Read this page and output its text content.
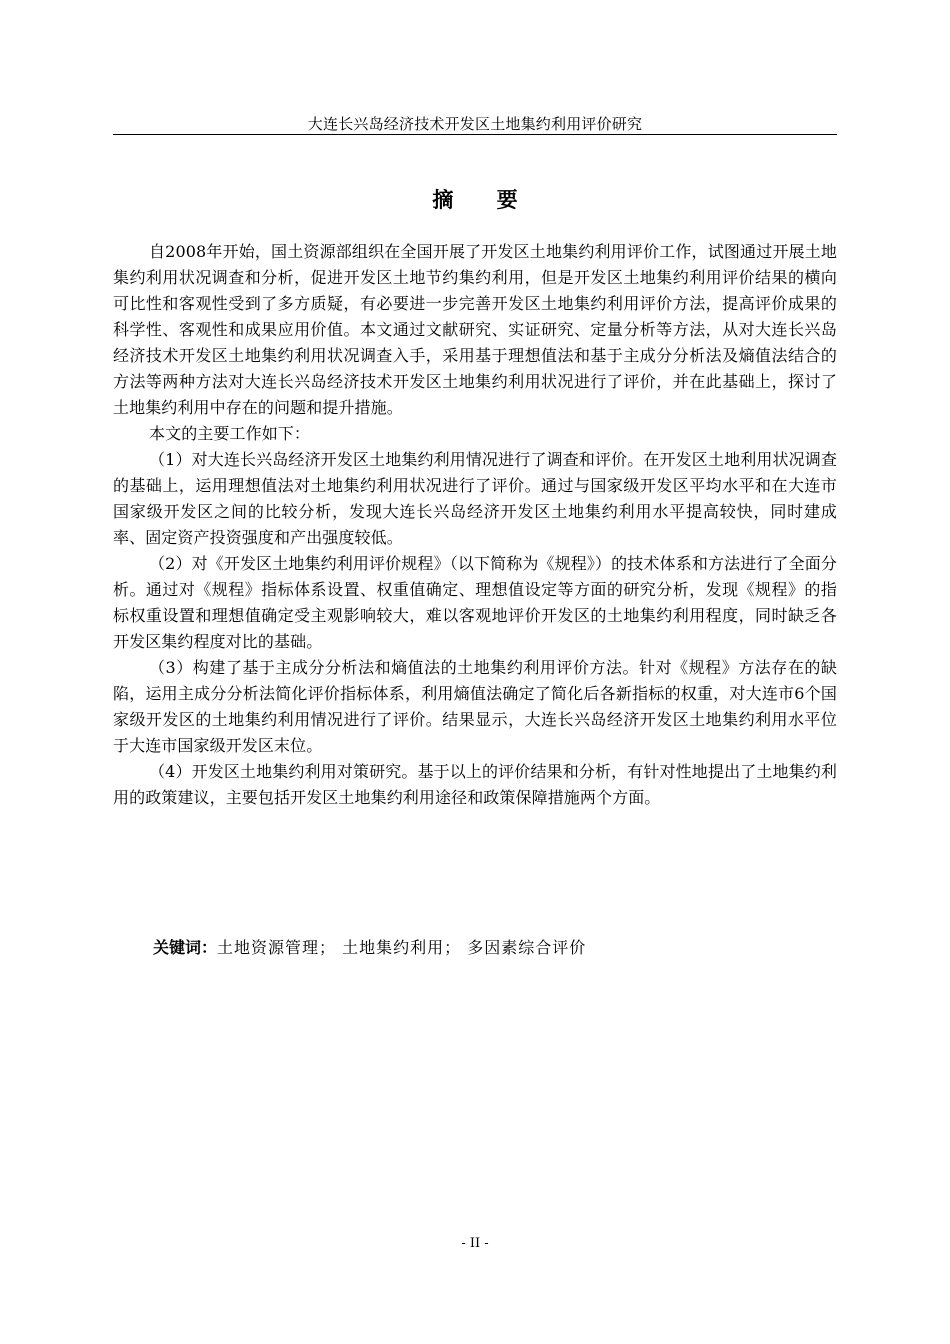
大连长兴岛经济技术开发区土地集约利用评价研究
摘 要

自2008年开始，国土资源部组织在全国开展了开发区土地集约利用评价工作，试图通过开展土地集约利用状况调查和分析，促进开发区土地节约集约利用，但是开发区土地集约利用评价结果的横向可比性和客观性受到了多方质疑，有必要进一步完善开发区土地集约利用评价方法，提高评价成果的科学性、客观性和成果应用价值。本文通过文献研究、实证研究、定量分析等方法，从对大连长兴岛经济技术开发区土地集约利用状况调查入手，采用基于理想值法和基于主成分分析法及熵值法结合的方法等两种方法对大连长兴岛经济技术开发区土地集约利用状况进行了评价，并在此基础上，探讨了土地集约利用中存在的问题和提升措施。

本文的主要工作如下：

（1）对大连长兴岛经济开发区土地集约利用情况进行了调查和评价。在开发区土地利用状况调查的基础上，运用理想值法对土地集约利用状况进行了评价。通过与国家级开发区平均水平和在大连市国家级开发区之间的比较分析，发现大连长兴岛经济开发区土地集约利用水平提高较快，同时建成率、固定资产投资强度和产出强度较低。

（2）对《开发区土地集约利用评价规程》（以下简称为《规程》）的技术体系和方法进行了全面分析。通过对《规程》指标体系设置、权重值确定、理想值设定等方面的研究分析，发现《规程》的指标权重设置和理想值确定受主观影响较大，难以客观地评价开发区的土地集约利用程度，同时缺乏各开发区集约程度对比的基础。

（3）构建了基于主成分分析法和熵值法的土地集约利用评价方法。针对《规程》方法存在的缺陷，运用主成分分析法简化评价指标体系，利用熵值法确定了简化后各新指标的权重，对大连市6个国家级开发区的土地集约利用情况进行了评价。结果显示，大连长兴岛经济开发区土地集约利用水平位于大连市国家级开发区末位。

（4）开发区土地集约利用对策研究。基于以上的评价结果和分析，有针对性地提出了土地集约利用的政策建议，主要包括开发区土地集约利用途径和政策保障措施两个方面。

关键词：土地资源管理； 土地集约利用； 多因素综合评价
- II -
